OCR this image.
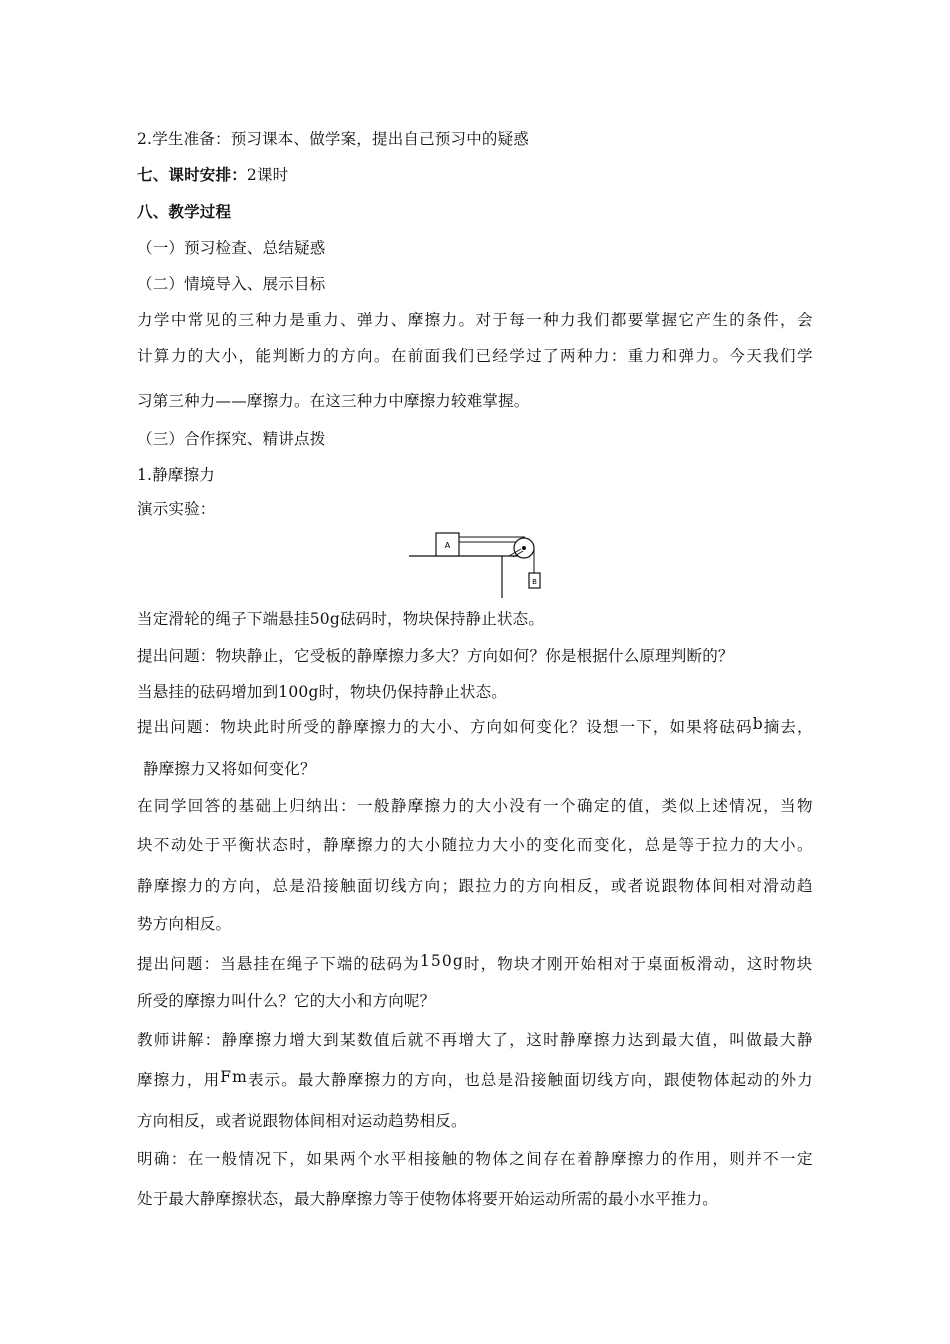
2.学生准备：预习课本、做学案，提出自己预习中的疑惑
七、课时安排：2课时
八、教学过程
（一）预习检查、总结疑惑
（二）情境导入、展示目标
力 学 中 常 见 的 三 种 力 是 重 力 、 弹 力 、 摩 擦 力 。 对 于 每 一 种 力 我 们 都 要 掌 握 它 产 生 的 条 件 ， 会
计 算 力 的 大 小 ， 能 判 断 力 的 方 向 。 在 前 面 我 们 已 经 学 过 了 两 种 力 ： 重 力 和 弹 力 。 今 天 我 们 学
习第三种力——摩擦力。在这三种力中摩擦力较难掌握。
（三）合作探究、精讲点拨
1.静摩擦力
演示实验：
A
B
当定滑轮的绳子下端悬挂50g砝码时，物块保持静止状态。
提出问题：物块静止，它受板的静摩擦力多大？方向如何？你是根据什么原理判断的？
当悬挂的砝码增加到100g时，物块仍保持静止状态。
提 出 问 题 ： 物 块 此 时 所 受 的 静 摩 擦 力 的 大 小 、 方 向 如 何 变 化 ？ 设 想 一 下 ， 如 果 将 砝 码 b 摘 去 ，
静摩擦力又将如何变化？
在 同 学 回 答 的 基 础 上 归 纳 出 ： 一 般 静 摩 擦 力 的 大 小 没 有 一 个 确 定 的 值 ， 类 似 上 述 情 况 ， 当 物
块 不 动 处 于 平 衡 状 态 时 ， 静 摩 擦 力 的 大 小 随 拉 力 大 小 的 变 化 而 变 化 ， 总 是 等 于 拉 力 的 大 小 。
静 摩 擦 力 的 方 向 ， 总 是 沿 接 触 面 切 线 方 向 ； 跟 拉 力 的 方 向 相 反 ， 或 者 说 跟 物 体 间 相 对 滑 动 趋
势方向相反。
提 出 问 题 ： 当 悬 挂 在 绳 子 下 端 的 砝 码 为 1 5 0 g 时 ， 物 块 才 刚 开 始 相 对 于 桌 面 板 滑 动 ， 这 时 物 块
所受的摩擦力叫什么？它的大小和方向呢？
教 师 讲 解 ： 静 摩 擦 力 增 大 到 某 数 值 后 就 不 再 增 大 了 ， 这 时 静 摩 擦 力 达 到 最 大 值 ， 叫 做 最 大 静
摩 擦 力 ， 用 F m 表 示 。 最 大 静 摩 擦 力 的 方 向 ， 也 总 是 沿 接 触 面 切 线 方 向 ， 跟 使 物 体 起 动 的 外 力
方向相反，或者说跟物体间相对运动趋势相反。
明 确 ： 在 一 般 情 况 下 ， 如 果 两 个 水 平 相 接 触 的 物 体 之 间 存 在 着 静 摩 擦 力 的 作 用 ， 则 并 不 一 定
处于最大静摩擦状态，最大静摩擦力等于使物体将要开始运动所需的最小水平推力。
